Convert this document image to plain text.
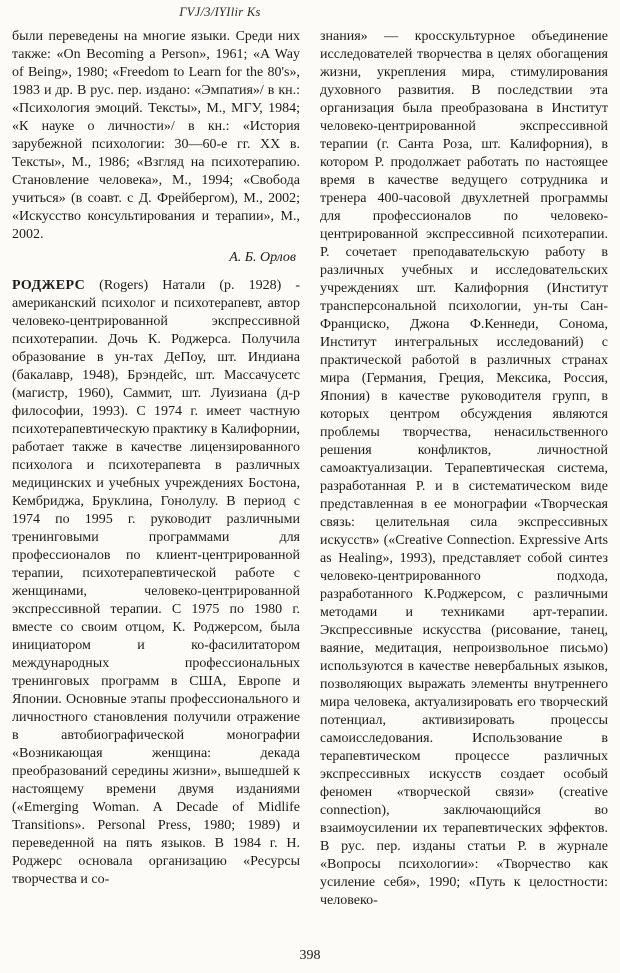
ГVJ/3/IYIlir Ks

были переведены на многие языки. Среди них также: «On Becoming a Person», 1961; «A Way of Being», 1980; «Freedom to Learn for the 80's», 1983 и др. В рус. пер. издано: «Эмпатия»/ в кн.: «Психология эмоций. Тексты», М., МГУ, 1984; «К науке о личности»/ в кн.: «История зарубежной психологии: 30—60-е гг. XX в. Тексты», М., 1986; «Взгляд на психотерапию. Становление человека», М., 1994; «Свобода учиться» (в соавт. с Д. Фрейбергом), М., 2002; «Искусство консультирования и терапии», М., 2002.

А. Б. Орлов

РОДЖЕРС (Rogers) Натали (р. 1928) - американский психолог и психотерапевт, автор человеко-центрированной экспрессивной психотерапии. Дочь К. Роджерса. Получила образование в ун-тах ДеПоу, шт. Индиана (бакалавр, 1948), Брэндейс, шт. Массачусетс (магистр, 1960), Саммит, шт. Луизиана (д-р философии, 1993). С 1974 г. имеет частную психотерапевтическую практику в Калифорнии, работает также в качестве лицензированного психолога и психотерапевта в различных медицинских и учебных учреждениях Бостона, Кембриджа, Бруклина, Гонолулу. В период с 1974 по 1995 г. руководит различными тренинговыми программами для профессионалов по клиент-центрированной терапии, психотерапевтической работе с женщинами, человеко-центрированной экспрессивной терапии. С 1975 по 1980 г. вместе со своим отцом, К. Роджерсом, была инициатором и ко-фасилитатором международных профессиональных тренинговых программ в США, Европе и Японии. Основные этапы профессионального и личностного становления получили отражение в автобиографической монографии «Возникающая женщина: декада преобразований середины жизни», вышедшей к настоящему времени двумя изданиями («Emerging Woman. A Decade of Midlife Transitions». Personal Press, 1980; 1989) и переведенной на пять языков. В 1984 г. Н. Роджерс основала организацию «Ресурсы творчества и со-

знания» — кросскультурное объединение исследователей творчества в целях обогащения жизни, укрепления мира, стимулирования духовного развития. В последствии эта организация была преобразована в Институт человеко-центрированной экспрессивной терапии (г. Санта Роза, шт. Калифорния), в котором Р. продолжает работать по настоящее время в качестве ведущего сотрудника и тренера 400-часовой двухлетней программы для профессионалов по человеко-центрированной экспрессивной психотерапии. Р. сочетает преподавательскую работу в различных учебных и исследовательских учреждениях шт. Калифорния (Институт трансперсональной психологии, ун-ты Сан-Франциско, Джона Ф.Кеннеди, Сонома, Институт интегральных исследований) с практической работой в различных странах мира (Германия, Греция, Мексика, Россия, Япония) в качестве руководителя групп, в которых центром обсуждения являются проблемы творчества, ненасильственного решения конфликтов, личностной самоактуализации. Терапевтическая система, разработанная Р. и в систематическом виде представленная в ее монографии «Творческая связь: целительная сила экспрессивных искусств» («Creative Connection. Expressive Arts as Healing», 1993), представляет собой синтез человеко-центрированного подхода, разработанного К.Роджерсом, с различными методами и техниками арт-терапии. Экспрессивные искусства (рисование, танец, ваяние, медитация, непроизвольное письмо) используются в качестве невербальных языков, позволяющих выражать элементы внутреннего мира человека, актуализировать его творческий потенциал, активизировать процессы самоисследования. Использование в терапевтическом процессе различных экспрессивных искусств создает особый феномен «творческой связи» (creative connection), заключающийся во взаимоусилении их терапевтических эффектов. В рус. пер. изданы статьи Р. в журнале «Вопросы психологии»: «Творчество как усиление себя», 1990; «Путь к целостности: человеко-

398
